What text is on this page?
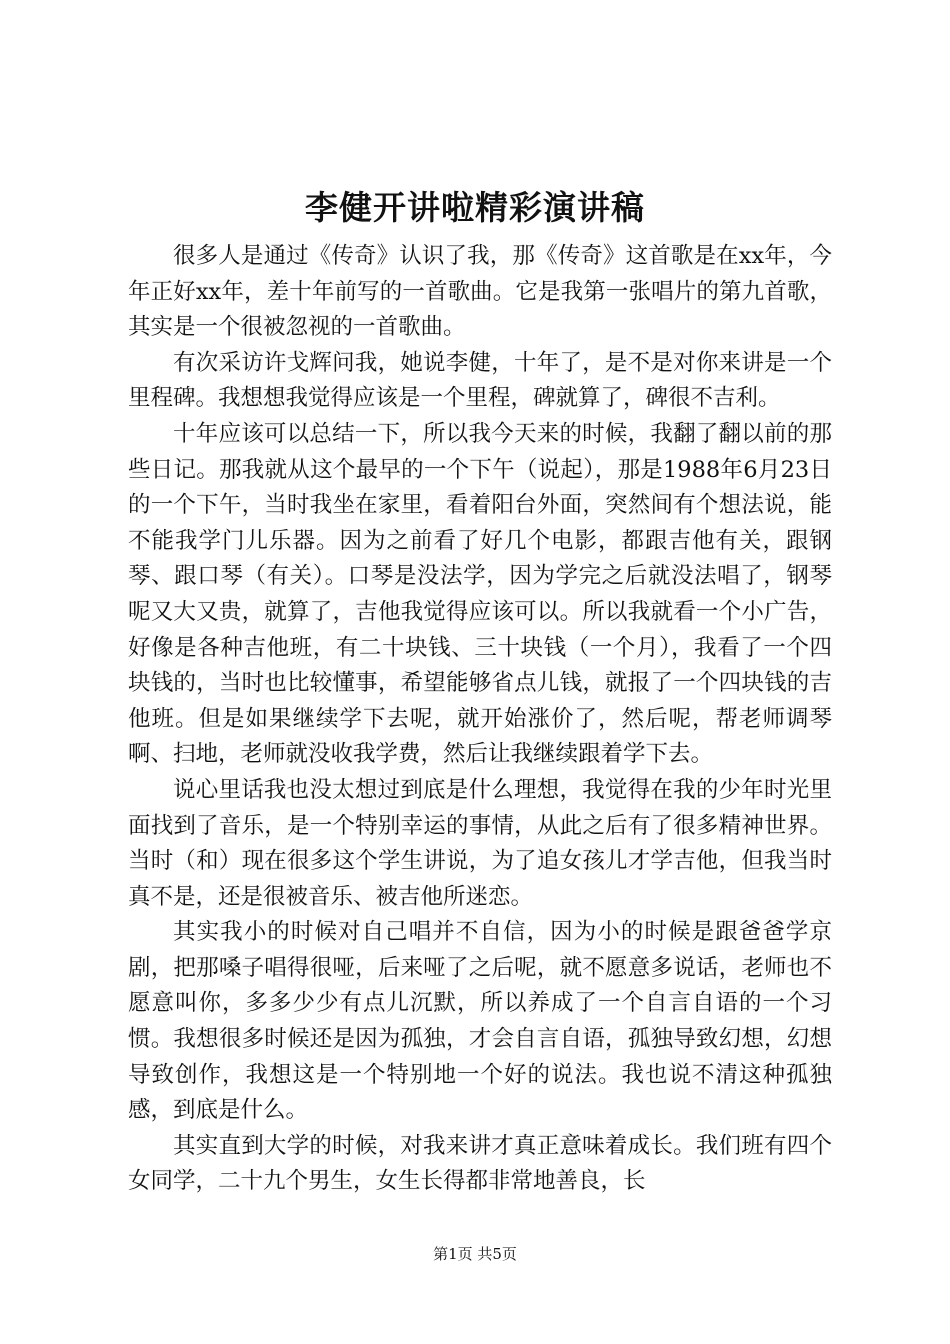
李健开讲啦精彩演讲稿

很多人是通过《传奇》认识了我，那《传奇》这首歌是在xx年，今年正好xx年，差十年前写的一首歌曲。它是我第一张唱片的第九首歌，其实是一个很被忽视的一首歌曲。

有次采访许戈辉问我，她说李健，十年了，是不是对你来讲是一个里程碑。我想想我觉得应该是一个里程，碑就算了，碑很不吉利。

十年应该可以总结一下，所以我今天来的时候，我翻了翻以前的那些日记。那我就从这个最早的一个下午（说起），那是1988年6月23日的一个下午，当时我坐在家里，看着阳台外面，突然间有个想法说，能不能我学门儿乐器。因为之前看了好几个电影，都跟吉他有关，跟钢琴、跟口琴（有关）。口琴是没法学，因为学完之后就没法唱了，钢琴呢又大又贵，就算了，吉他我觉得应该可以。所以我就看一个小广告，好像是各种吉他班，有二十块钱、三十块钱（一个月），我看了一个四块钱的，当时也比较懂事，希望能够省点儿钱，就报了一个四块钱的吉他班。但是如果继续学下去呢，就开始涨价了，然后呢，帮老师调琴啊、扫地，老师就没收我学费，然后让我继续跟着学下去。

说心里话我也没太想过到底是什么理想，我觉得在我的少年时光里面找到了音乐，是一个特别幸运的事情，从此之后有了很多精神世界。当时（和）现在很多这个学生讲说，为了追女孩儿才学吉他，但我当时真不是，还是很被音乐、被吉他所迷恋。

其实我小的时候对自己唱并不自信，因为小的时候是跟爸爸学京剧，把那嗓子唱得很哑，后来哑了之后呢，就不愿意多说话，老师也不愿意叫你，多多少少有点儿沉默，所以养成了一个自言自语的一个习惯。我想很多时候还是因为孤独，才会自言自语，孤独导致幻想，幻想导致创作，我想这是一个特别地一个好的说法。我也说不清这种孤独感，到底是什么。

其实直到大学的时候，对我来讲才真正意味着成长。我们班有四个女同学，二十九个男生，女生长得都非常地善良，长

第1页 共5页
